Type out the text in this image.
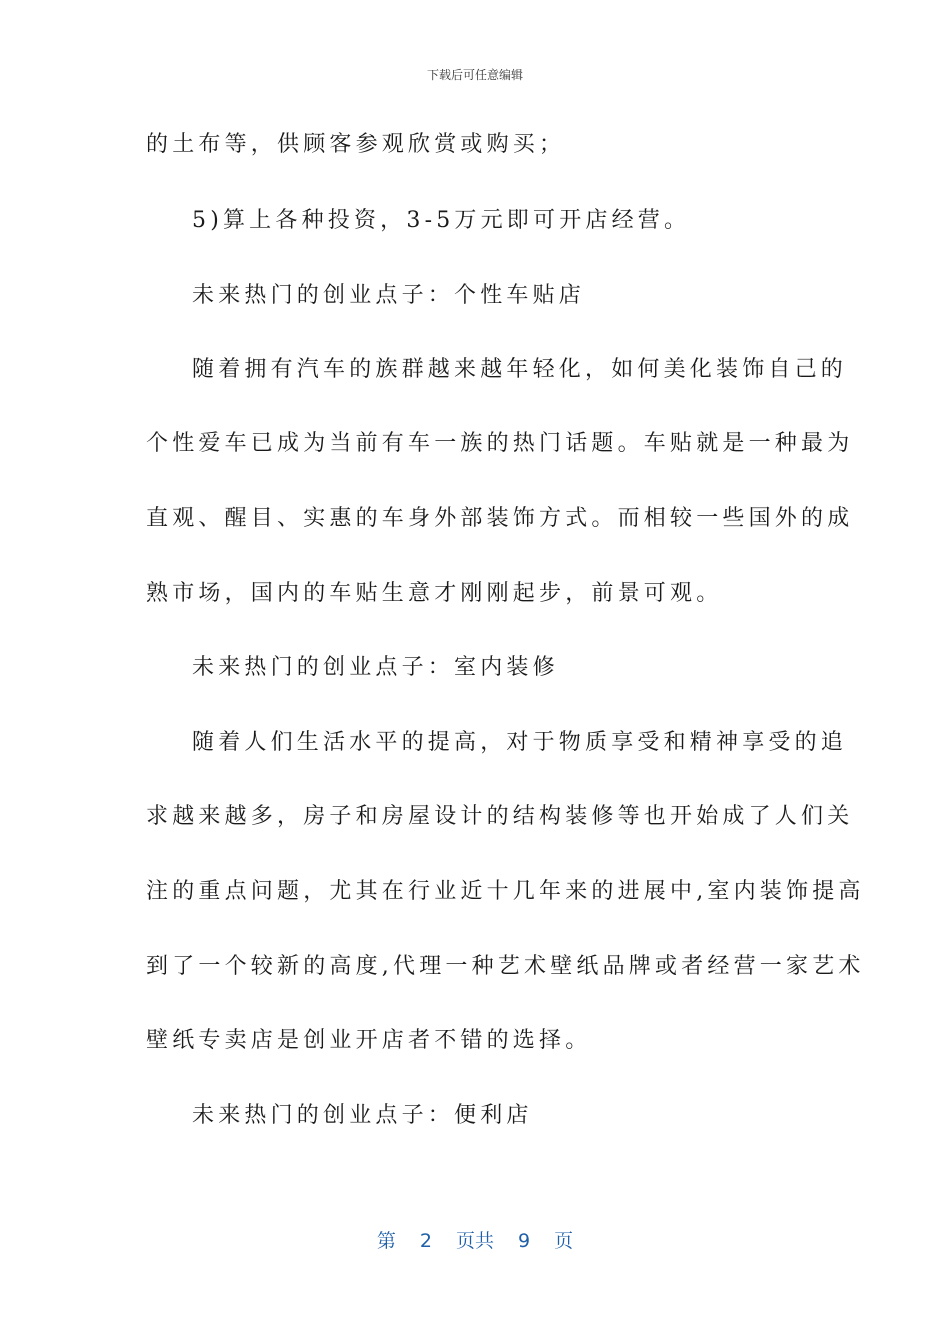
下载后可任意编辑
的土布等，供顾客参观欣赏或购买；
5)算上各种投资，3-5万元即可开店经营。
未来热门的创业点子：个性车贴店
随着拥有汽车的族群越来越年轻化，如何美化装饰自己的
个性爱车已成为当前有车一族的热门话题。车贴就是一种最为
直观、醒目、实惠的车身外部装饰方式。而相较一些国外的成
熟市场，国内的车贴生意才刚刚起步，前景可观。
未来热门的创业点子：室内装修
随着人们生活水平的提高，对于物质享受和精神享受的追
求越来越多，房子和房屋设计的结构装修等也开始成了人们关
注的重点问题，尤其在行业近十几年来的进展中,室内装饰提高
到了一个较新的高度,代理一种艺术壁纸品牌或者经营一家艺术
壁纸专卖店是创业开店者不错的选择。
未来热门的创业点子：便利店
第 2 页共 9 页
